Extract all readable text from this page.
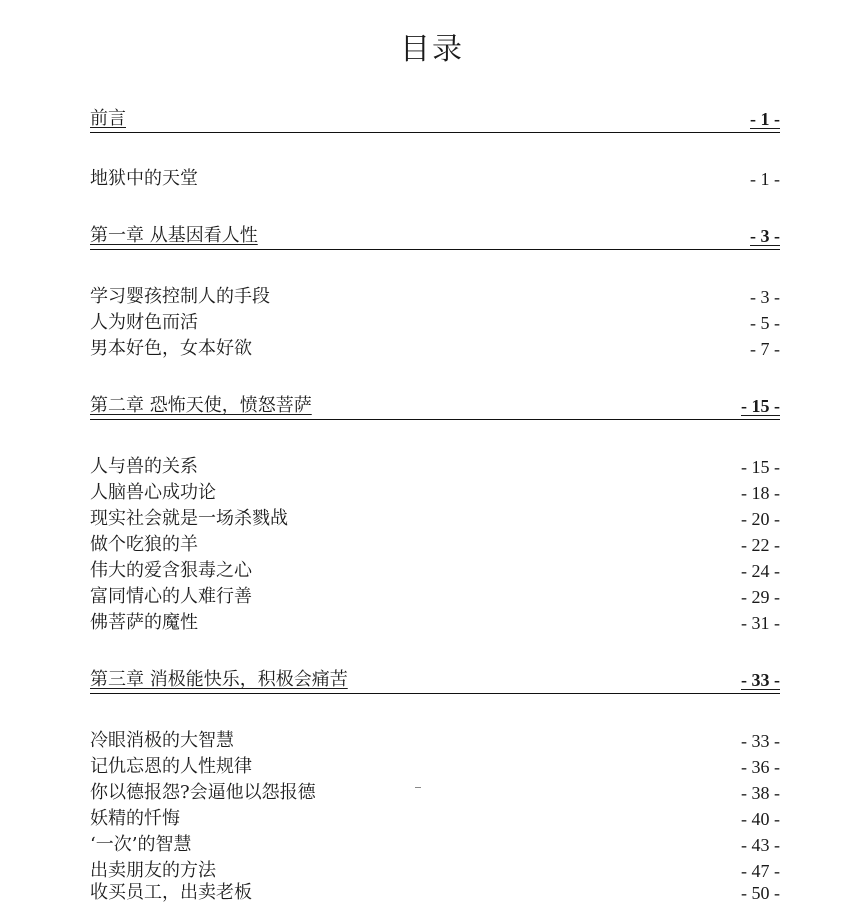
目录
前言	- 1 -
地狱中的天堂	- 1 -
第一章 从基因看人性	- 3 -
学习婴孩控制人的手段	- 3 -
人为财色而活	- 5 -
男本好色，女本好欲	- 7 -
第二章 恐怖天使，愤怒菩萨	- 15 -
人与兽的关系	- 15 -
人脑兽心成功论	- 18 -
现实社会就是一场杀戮战	- 20 -
做个吃狼的羊	- 22 -
伟大的爱含狠毒之心	- 24 -
富同情心的人难行善	- 29 -
佛菩萨的魔性	- 31 -
第三章 消极能快乐，积极会痛苦	- 33 -
冷眼消极的大智慧	- 33 -
记仇忘恩的人性规律	- 36 -
你以德报怨?会逼他以怨报德	- 38 -
妖精的忏悔	- 40 -
‘一次’的智慧	- 43 -
出卖朋友的方法	- 47 -
收买员工，出卖老板	- 50 -
